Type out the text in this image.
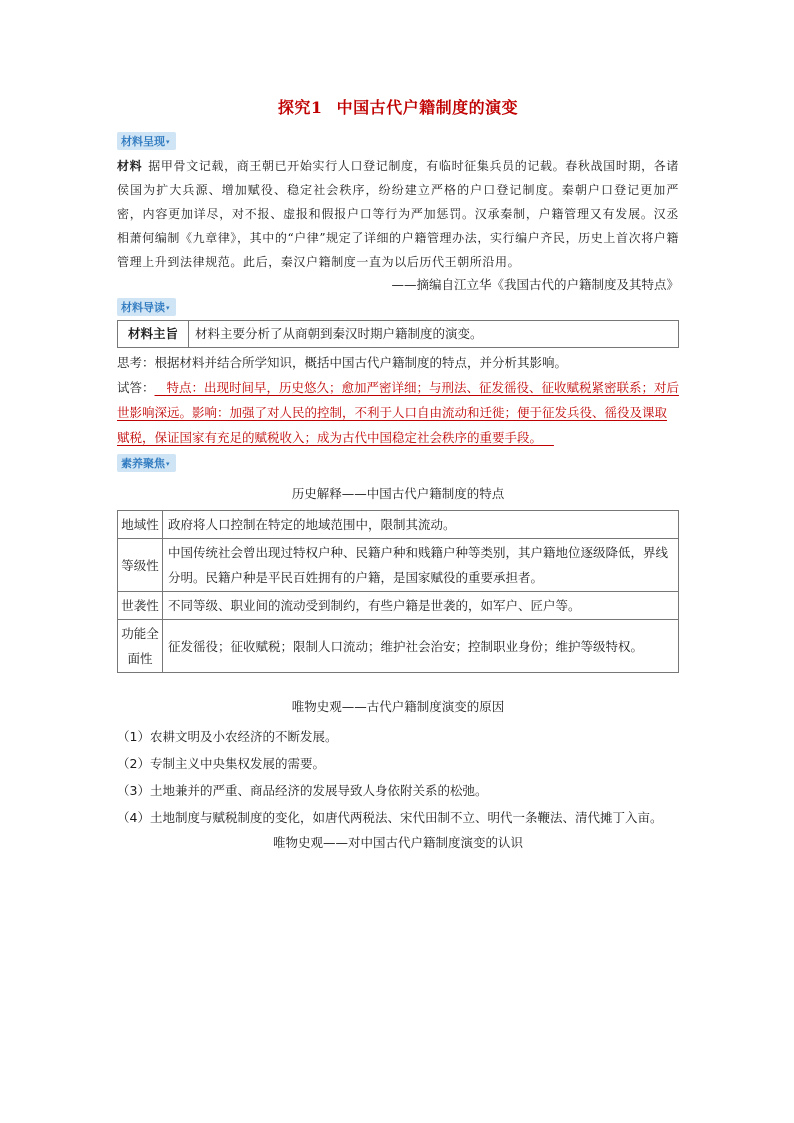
探究1 中国古代户籍制度的演变
材料呈现▾
材料 据甲骨文记载，商王朝已开始实行人口登记制度，有临时征集兵员的记载。春秋战国时期，各诸侯国为扩大兵源、增加赋役、稳定社会秩序，纷纷建立严格的户口登记制度。秦朝户口登记更加严密，内容更加详尽，对不报、虚报和假报户口等行为严加惩罚。汉承秦制，户籍管理又有发展。汉丞相萧何编制《九章律》，其中的“户律”规定了详细的户籍管理办法，实行编户齐民，历史上首次将户籍管理上升到法律规范。此后，秦汉户籍制度一直为以后历代王朝所沿用。
——摘编自江立华《我国古代的户籍制度及其特点》
材料导读▾
材料主旨	材料主要分析了从商朝到秦汉时期户籍制度的演变。
思考：根据材料并结合所学知识，概括中国古代户籍制度的特点，并分析其影响。
试答： 特点：出现时间早，历史悠久；愈加严密详细；与刑法、征发徭役、征收赋税紧密联系；对后世影响深远。影响：加强了对人民的控制，不利于人口自由流动和迁徙；便于征发兵役、徭役及课取赋税，保证国家有充足的赋税收入；成为古代中国稳定社会秩序的重要手段。
素养聚焦▾
历史解释——中国古代户籍制度的特点
地域性	政府将人口控制在特定的地域范围中，限制其流动。
等级性	中国传统社会曾出现过特权户种、民籍户种和贱籍户种等类别，其户籍地位逐级降低，界线分明。民籍户种是平民百姓拥有的户籍，是国家赋役的重要承担者。
世袭性	不同等级、职业间的流动受到制约，有些户籍是世袭的，如军户、匠户等。
功能全面性	征发徭役；征收赋税；限制人口流动；维护社会治安；控制职业身份；维护等级特权。
唯物史观——古代户籍制度演变的原因
（1）农耕文明及小农经济的不断发展。
（2）专制主义中央集权发展的需要。
（3）土地兼并的严重、商品经济的发展导致人身依附关系的松弛。
（4）土地制度与赋税制度的变化，如唐代两税法、宋代田制不立、明代一条鞭法、清代摊丁入亩。
唯物史观——对中国古代户籍制度演变的认识
